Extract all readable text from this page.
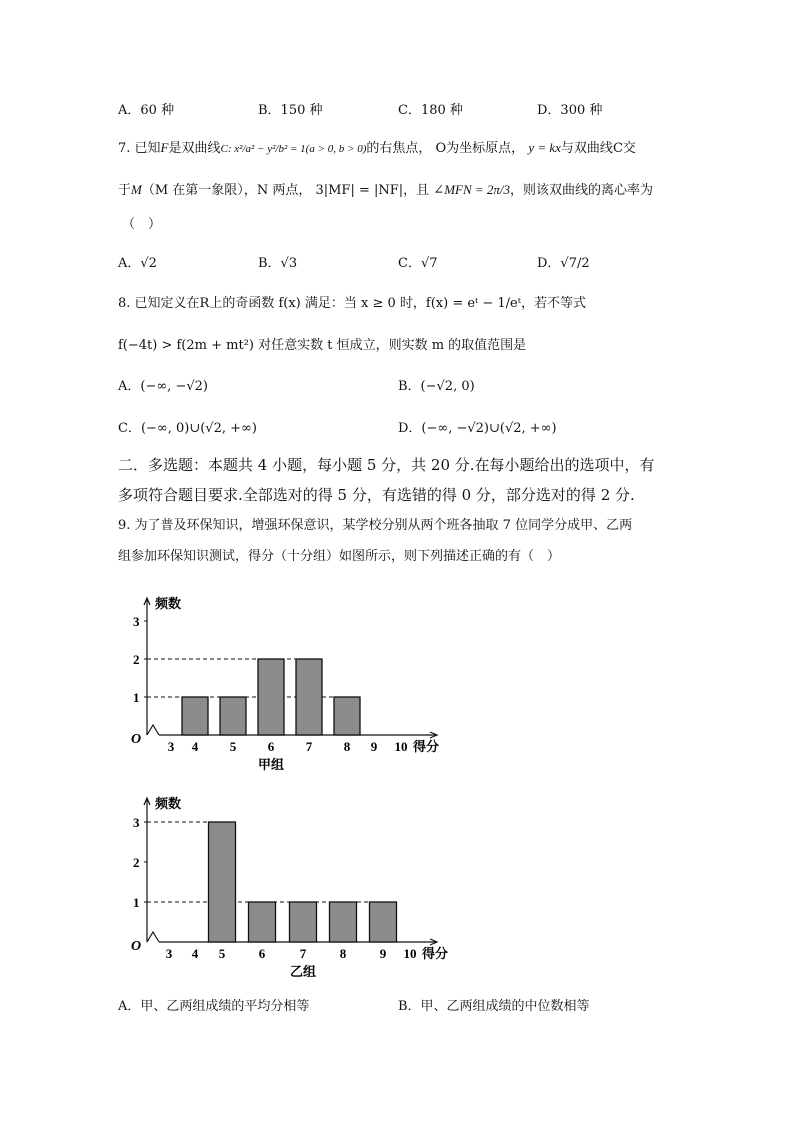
A．60 种	B．150 种	C．180 种	D．300 种
7. 已知F是双曲线C: x²/a² − y²/b² = 1(a > 0, b > 0)的右焦点， O为坐标原点， y = kx与双曲线C交
于M（M 在第一象限），N 两点， 3|MF| = |NF|，且 ∠MFN = 2π/3，则该双曲线的离心率为
（　）
A．√2	B．√3	C．√7	D．√7/2
8. 已知定义在R上的奇函数 f(x) 满足：当 x ≥ 0 时，f(x) = eᵗ − 1/eᵗ，若不等式
f(−4t) > f(2m + mt²) 对任意实数 t 恒成立，则实数 m 的取值范围是
A．(−∞, −√2)	B．(−√2, 0)
C．(−∞, 0)∪(√2, +∞)	D．(−∞, −√2)∪(√2, +∞)
二．多选题：本题共 4 小题，每小题 5 分，共 20 分.在每小题给出的选项中，有
多项符合题目要求.全部选对的得 5 分，有选错的得 0 分，部分选对的得 2 分.
9. 为了普及环保知识，增强环保意识，某学校分别从两个班各抽取 7 位同学分成甲、乙两
组参加环保知识测试，得分（十分组）如图所示，则下列描述正确的有（　）
O
频数
1
2
3
3 4 5 6 7 8 9 10 得分
甲组
O
频数
1
2
3
3 4 5	6	7	8	9 10 得分
乙组
A．甲、乙两组成绩的平均分相等	B．甲、乙两组成绩的中位数相等
